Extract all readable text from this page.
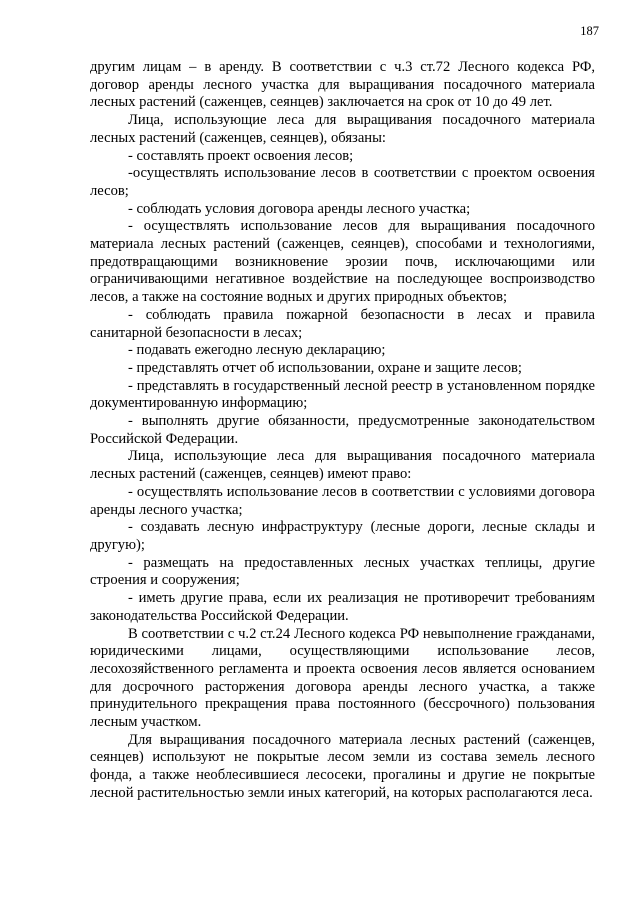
187

другим лицам – в аренду. В соответствии с ч.3 ст.72 Лесного кодекса РФ, договор аренды лесного участка для выращивания посадочного материала лесных растений (саженцев, сеянцев) заключается на срок от 10 до 49 лет.

Лица, использующие леса для выращивания посадочного материала лесных растений (саженцев, сеянцев), обязаны:

- составлять проект освоения лесов;

-осуществлять использование лесов в соответствии с проектом освоения лесов;

- соблюдать условия договора аренды лесного участка;

- осуществлять использование лесов для выращивания посадочного материала лесных растений (саженцев, сеянцев), способами и технологиями, предотвращающими возникновение эрозии почв, исключающими или ограничивающими негативное воздействие на последующее воспроизводство лесов, а также на состояние водных и других природных объектов;

- соблюдать правила пожарной безопасности в лесах и правила санитарной безопасности в лесах;

- подавать ежегодно лесную декларацию;

- представлять отчет об использовании, охране и защите лесов;

- представлять в государственный лесной реестр в установленном порядке документированную информацию;

- выполнять другие обязанности, предусмотренные законодательством Российской Федерации.

Лица, использующие леса для выращивания посадочного материала лесных растений (саженцев, сеянцев) имеют право:

- осуществлять использование лесов в соответствии с условиями договора аренды лесного участка;

- создавать лесную инфраструктуру (лесные дороги, лесные склады и другую);

- размещать на предоставленных лесных участках теплицы, другие строения и сооружения;

- иметь другие права, если их реализация не противоречит требованиям законодательства Российской Федерации.

В соответствии с ч.2 ст.24 Лесного кодекса РФ невыполнение гражданами, юридическими лицами, осуществляющими использование лесов, лесохозяйственного регламента и проекта освоения лесов является основанием для досрочного расторжения договора аренды лесного участка, а также принудительного прекращения права постоянного (бессрочного) пользования лесным участком.

Для выращивания посадочного материала лесных растений (саженцев, сеянцев) используют не покрытые лесом земли из состава земель лесного фонда, а также необлесившиеся лесосеки, прогалины и другие не покрытые лесной растительностью земли иных категорий, на которых располагаются леса.
